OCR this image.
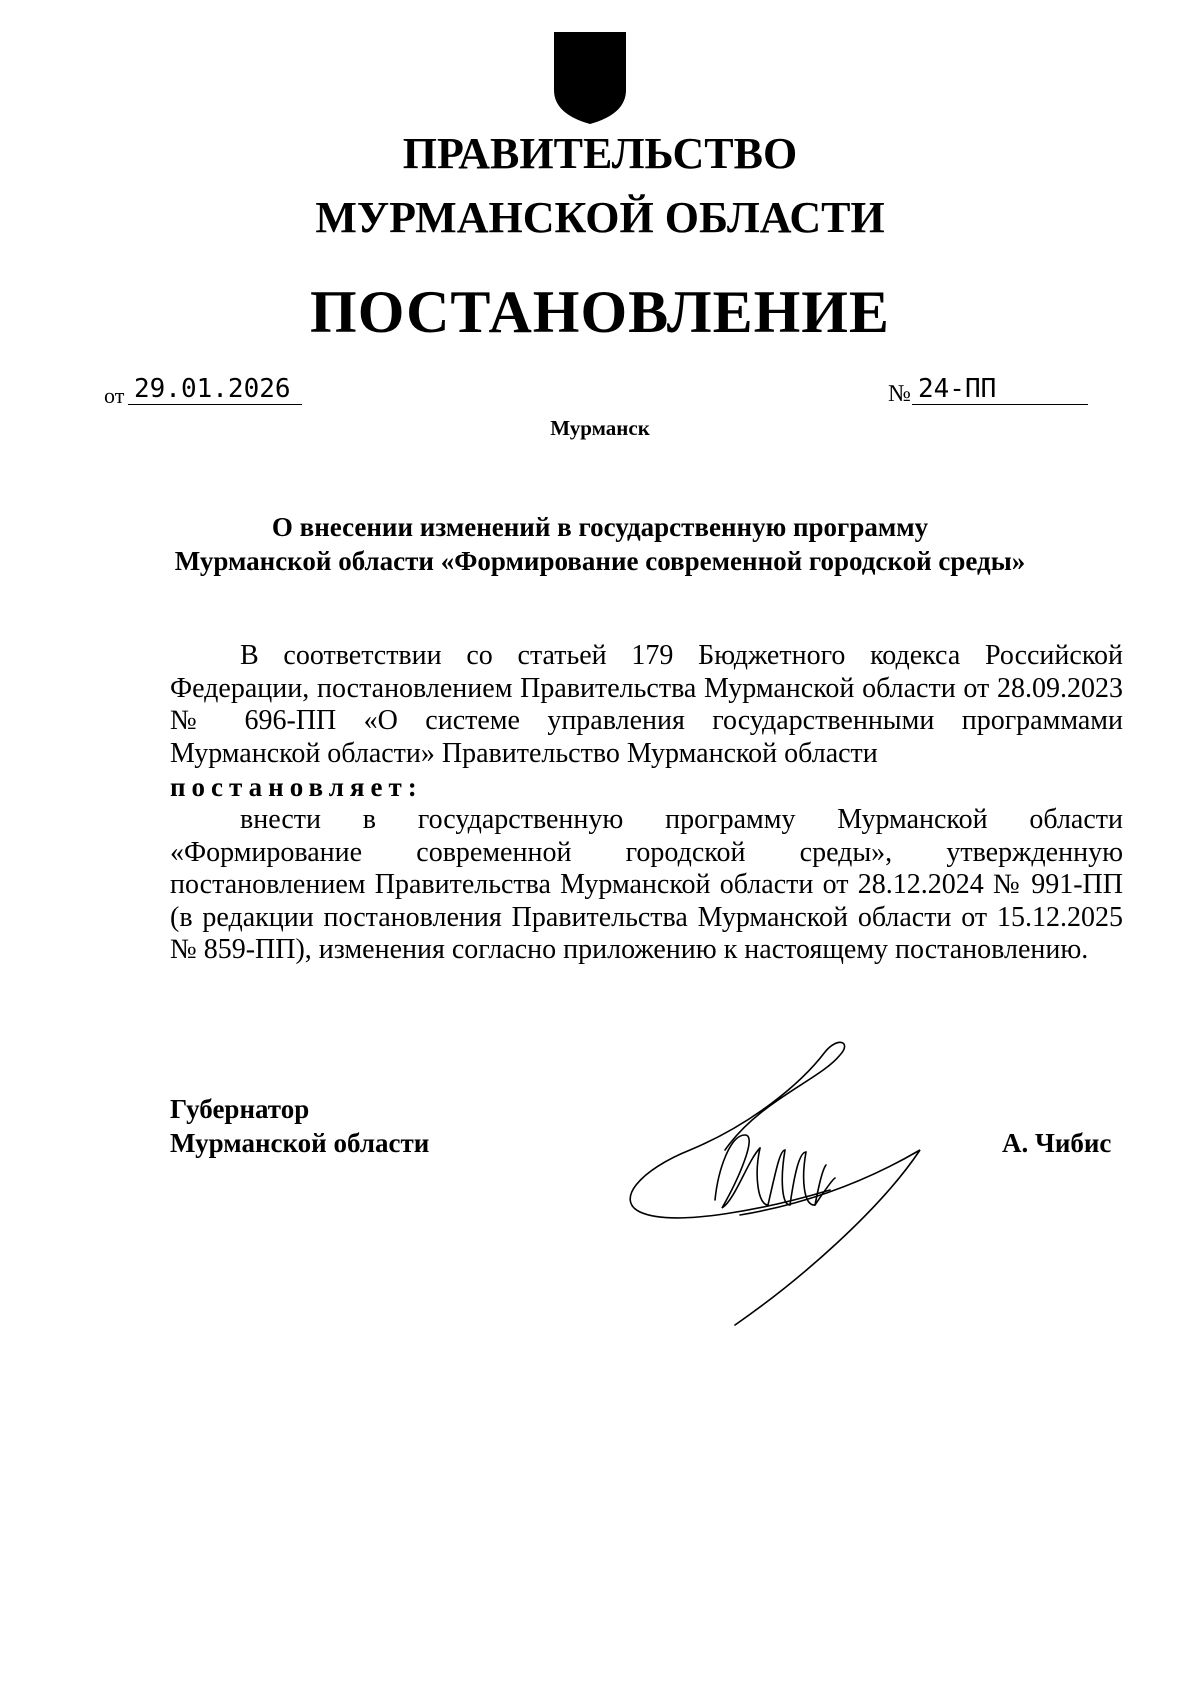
ПРАВИТЕЛЬСТВО
МУРМАНСКОЙ ОБЛАСТИ
ПОСТАНОВЛЕНИЕ
от 29.01.2026	№ 24-ПП
Мурманск
О внесении изменений в государственную программу
Мурманской области «Формирование современной городской среды»
В соответствии со статьей 179 Бюджетного кодекса Российской Федерации, постановлением Правительства Мурманской области от 28.09.2023 № 696-ПП «О системе управления государственными программами Мурманской области» Правительство Мурманской области
постановляет:
внести в государственную программу Мурманской области «Формирование современной городской среды», утвержденную постановлением Правительства Мурманской области от 28.12.2024 № 991-ПП (в редакции постановления Правительства Мурманской области от 15.12.2025 № 859-ПП), изменения согласно приложению к настоящему постановлению.
Губернатор
Мурманской области	А. Чибис
